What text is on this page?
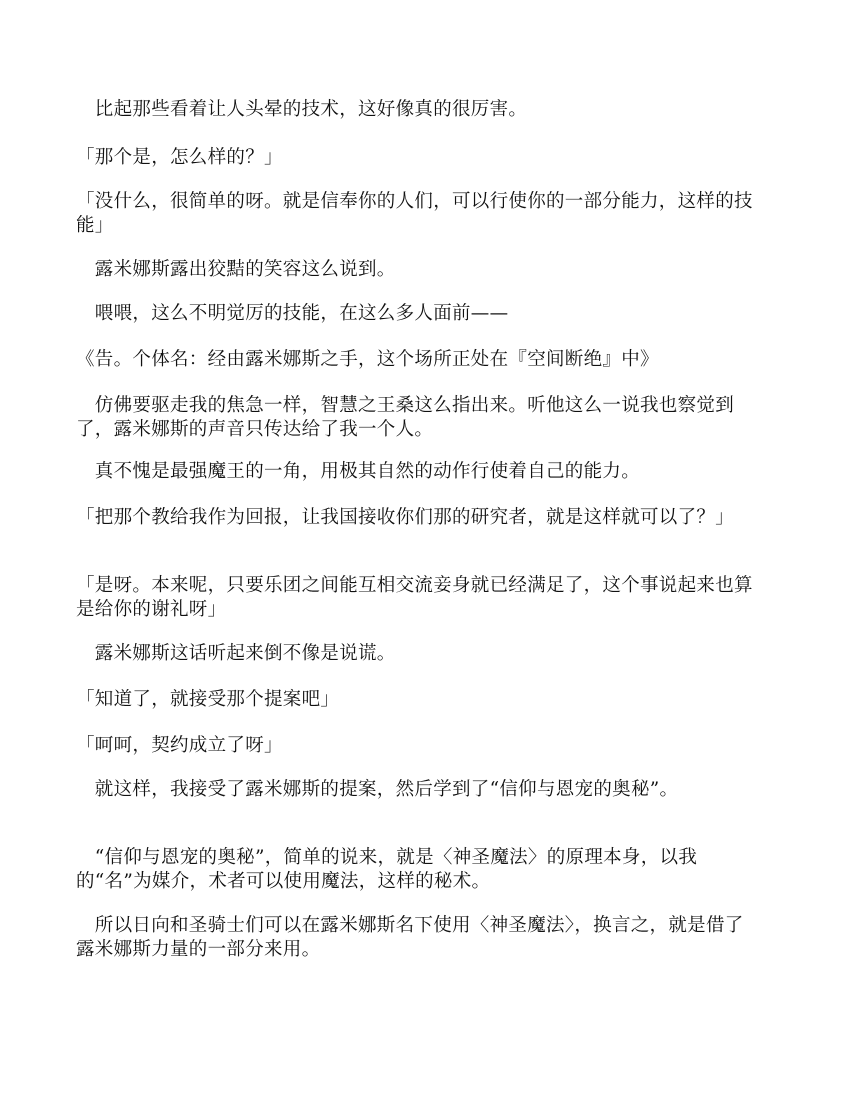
　比起那些看着让人头晕的技术，这好像真的很厉害。

「那个是，怎么样的？」

「没什么，很简单的呀。就是信奉你的人们，可以行使你的一部分能力，这样的技能」

　露米娜斯露出狡黠的笑容这么说到。

　喂喂，这么不明觉厉的技能，在这么多人面前——

《告。个体名：经由露米娜斯之手，这个场所正处在『空间断绝』中》

　仿佛要驱走我的焦急一样，智慧之王桑这么指出来。听他这么一说我也察觉到了，露米娜斯的声音只传达给了我一个人。

　真不愧是最强魔王的一角，用极其自然的动作行使着自己的能力。

「把那个教给我作为回报，让我国接收你们那的研究者，就是这样就可以了？」

「是呀。本来呢，只要乐团之间能互相交流妾身就已经满足了，这个事说起来也算是给你的谢礼呀」

　露米娜斯这话听起来倒不像是说谎。

「知道了，就接受那个提案吧」

「呵呵，契约成立了呀」

　就这样，我接受了露米娜斯的提案，然后学到了“信仰与恩宠的奥秘”。

　“信仰与恩宠的奥秘”，简单的说来，就是〈神圣魔法〉的原理本身，以我的“名”为媒介，术者可以使用魔法，这样的秘术。

　所以日向和圣骑士们可以在露米娜斯名下使用〈神圣魔法〉，换言之，就是借了露米娜斯力量的一部分来用。
